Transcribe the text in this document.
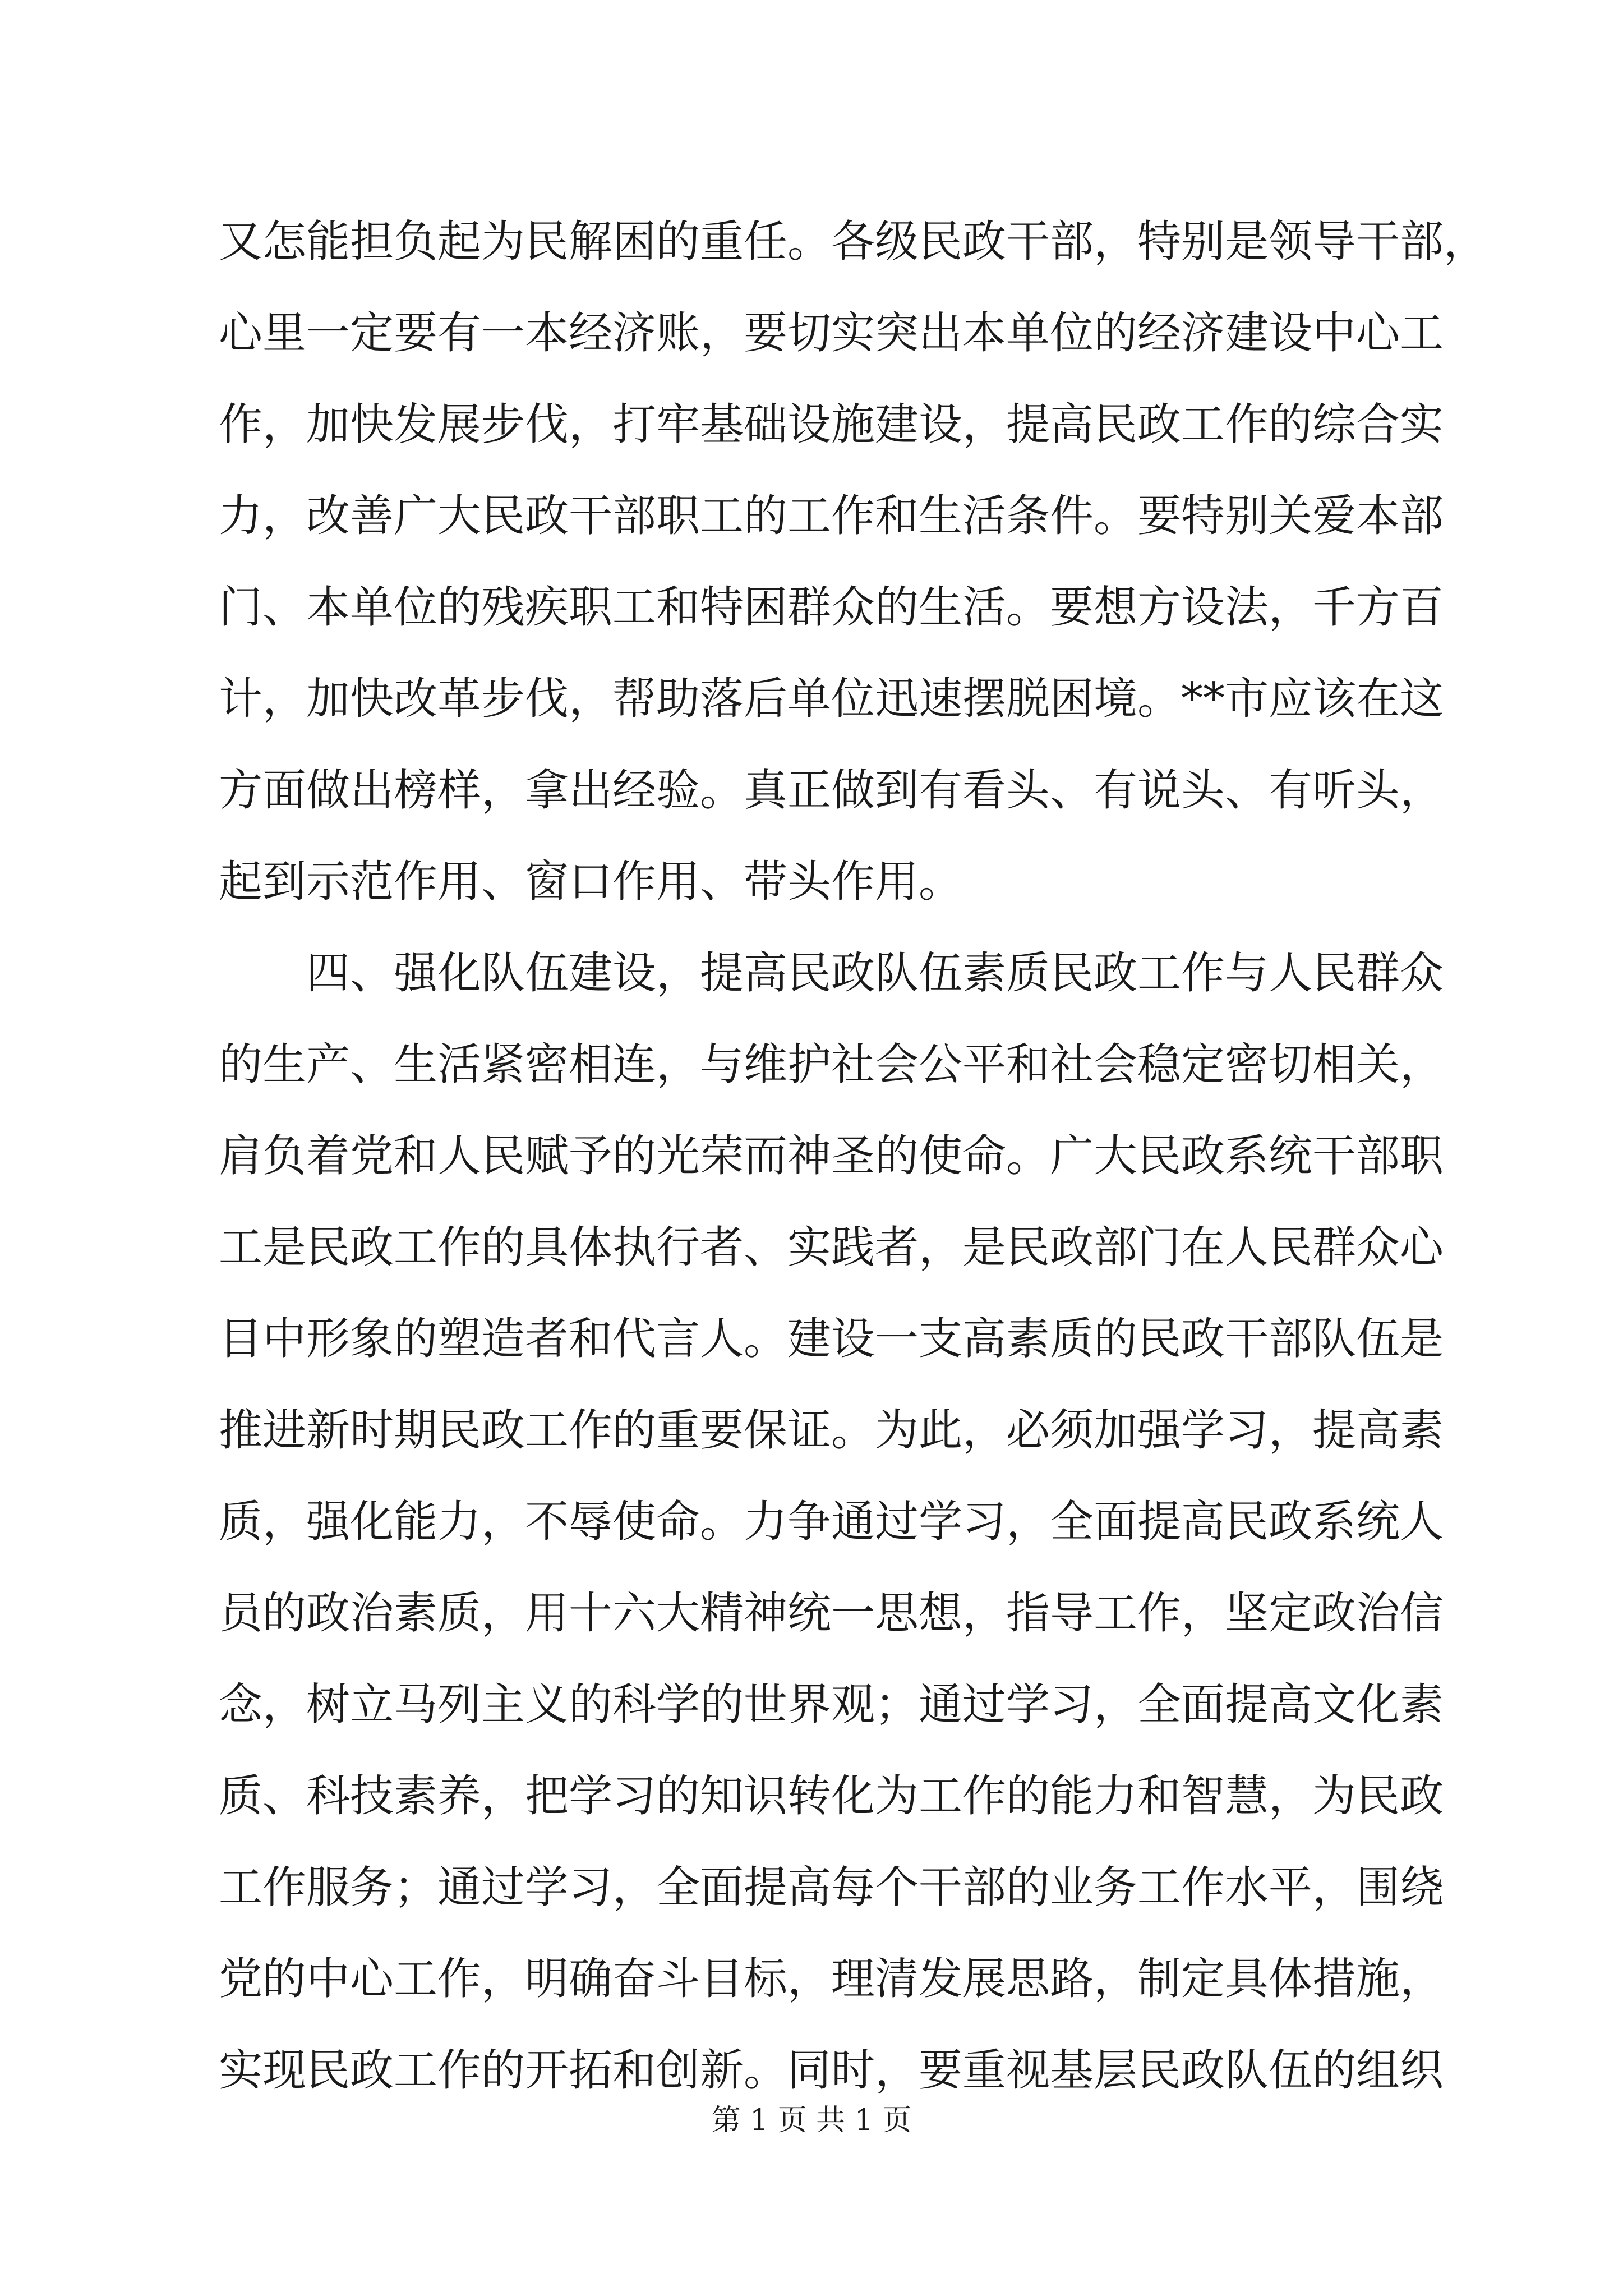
又怎能担负起为民解困的重任。各级民政干部，特别是领导干部，
心里一定要有一本经济账，要切实突出本单位的经济建设中心工
作，加快发展步伐，打牢基础设施建设，提高民政工作的综合实
力，改善广大民政干部职工的工作和生活条件。要特别关爱本部
门、本单位的残疾职工和特困群众的生活。要想方设法，千方百
计，加快改革步伐，帮助落后单位迅速摆脱困境。**市应该在这
方面做出榜样，拿出经验。真正做到有看头、有说头、有听头，
起到示范作用、窗口作用、带头作用。
　　四、强化队伍建设，提高民政队伍素质民政工作与人民群众
的生产、生活紧密相连，与维护社会公平和社会稳定密切相关，
肩负着党和人民赋予的光荣而神圣的使命。广大民政系统干部职
工是民政工作的具体执行者、实践者，是民政部门在人民群众心
目中形象的塑造者和代言人。建设一支高素质的民政干部队伍是
推进新时期民政工作的重要保证。为此，必须加强学习，提高素
质，强化能力，不辱使命。力争通过学习，全面提高民政系统人
员的政治素质，用十六大精神统一思想，指导工作，坚定政治信
念，树立马列主义的科学的世界观；通过学习，全面提高文化素
质、科技素养，把学习的知识转化为工作的能力和智慧，为民政
工作服务；通过学习，全面提高每个干部的业务工作水平，围绕
党的中心工作，明确奋斗目标，理清发展思路，制定具体措施，
实现民政工作的开拓和创新。同时，要重视基层民政队伍的组织
第 1 页 共 1 页
